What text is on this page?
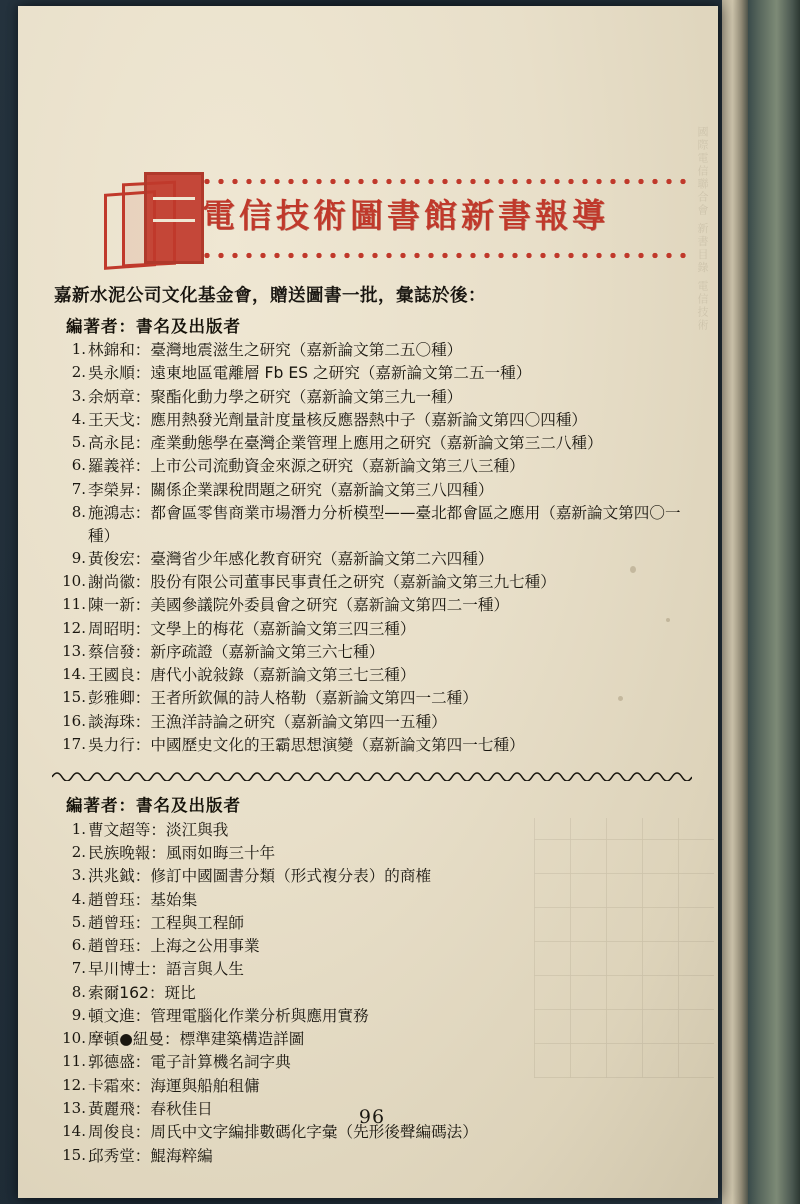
國際電信聯合會 新書目錄 電信技術
電信技術圖書館新書報導

嘉新水泥公司文化基金會，贈送圖書一批，彙誌於後：

編著者：書名及出版者
1. 林錦和：臺灣地震滋生之研究（嘉新論文第二五〇種）
2. 吳永順：遠東地區電離層 Fb ES 之研究（嘉新論文第二五一種）
3. 余炳章：聚酯化動力學之研究（嘉新論文第三九一種）
4. 王天戈：應用熱發光劑量計度量核反應器熱中子（嘉新論文第四〇四種）
5. 高永昆：產業動態學在臺灣企業管理上應用之研究（嘉新論文第三二八種）
6. 羅義祥：上市公司流動資金來源之研究（嘉新論文第三八三種）
7. 李榮昇：關係企業課稅問題之研究（嘉新論文第三八四種）
8. 施鴻志：都會區零售商業市場潛力分析模型——臺北都會區之應用（嘉新論文第四〇一種）
9. 黃俊宏：臺灣省少年感化教育研究（嘉新論文第二六四種）
10. 謝尚徽：股份有限公司董事民事責任之研究（嘉新論文第三九七種）
11. 陳一新：美國參議院外委員會之研究（嘉新論文第四二一種）
12. 周昭明：文學上的梅花（嘉新論文第三四三種）
13. 蔡信發：新序疏證（嘉新論文第三六七種）
14. 王國良：唐代小說敍錄（嘉新論文第三七三種）
15. 彭雅卿：王者所欽佩的詩人格勒（嘉新論文第四一二種）
16. 談海珠：王漁洋詩論之研究（嘉新論文第四一五種）
17. 吳力行：中國歷史文化的王霸思想演變（嘉新論文第四一七種）
編著者：書名及出版者
1. 曹文超等：淡江與我
2. 民族晚報：風雨如晦三十年
3. 洪兆鉞：修訂中國圖書分類（形式複分表）的商榷
4. 趙曾珏：基始集
5. 趙曾珏：工程與工程師
6. 趙曾珏：上海之公用事業
7. 早川博士：語言與人生
8. 索爾162：斑比
9. 頓文進：管理電腦化作業分析與應用實務
10. 摩頓●紐曼：標準建築構造詳圖
11. 郭德盛：電子計算機名詞字典
12. 卡霜來：海運與船舶租傭
13. 黃麗飛：春秋佳日
14. 周俊良：周氏中文字編排數碼化字彙（先形後聲編碼法）
15. 邱秀堂：鯤海粹編
96
